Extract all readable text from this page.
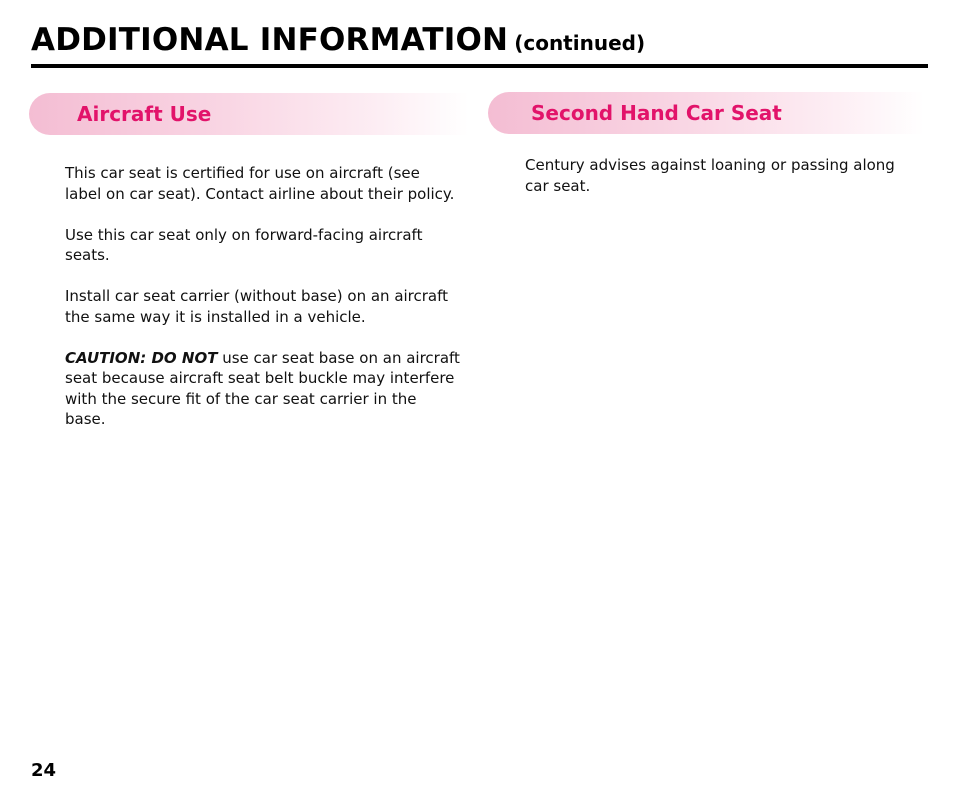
ADDITIONAL INFORMATION (continued)
Aircraft Use	Second Hand Car Seat

This car seat is certified for use on aircraft (see label on car seat). Contact airline about their policy.

Use this car seat only on forward-facing aircraft seats.

Install car seat carrier (without base) on an aircraft the same way it is installed in a vehicle.

CAUTION: DO NOT use car seat base on an aircraft seat because aircraft seat belt buckle may interfere with the secure fit of the car seat carrier in the base.

Century advises against loaning or passing along car seat.

24
